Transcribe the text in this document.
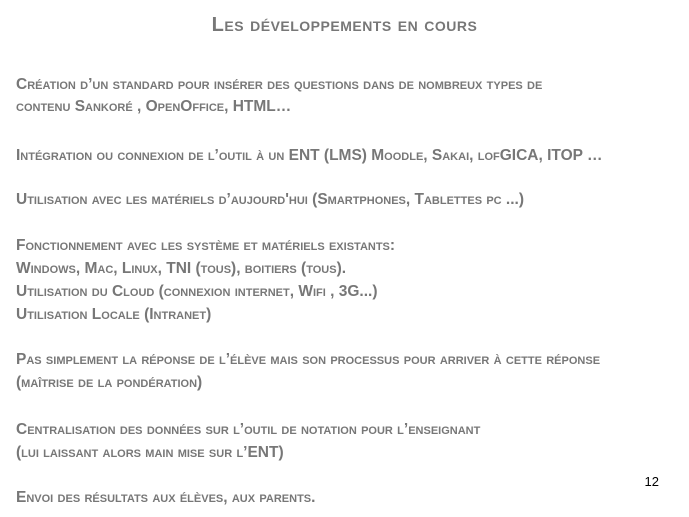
Les développements en cours
Création d’un standard pour insérer des questions dans de nombreux types de
contenu Sankoré , OpenOffice, HTML…
Intégration ou connexion de l’outil à un ENT (LMS) Moodle, Sakai, lofGICA, ITOP …
Utilisation avec les matériels d’aujourd'hui (Smartphones, Tablettes pc ...)
Fonctionnement avec les système et matériels existants:
Windows, Mac, Linux, TNI (tous), boitiers (tous).
Utilisation du Cloud (connexion internet, Wifi , 3G...)
Utilisation Locale (Intranet)
Pas simplement la réponse de l’élève mais son processus pour arriver à cette réponse
(maîtrise de la pondération)
Centralisation des données sur l’outil de notation pour l’enseignant
(lui laissant alors main mise sur l’ENT)
Envoi des résultats aux élèves, aux parents.
12
